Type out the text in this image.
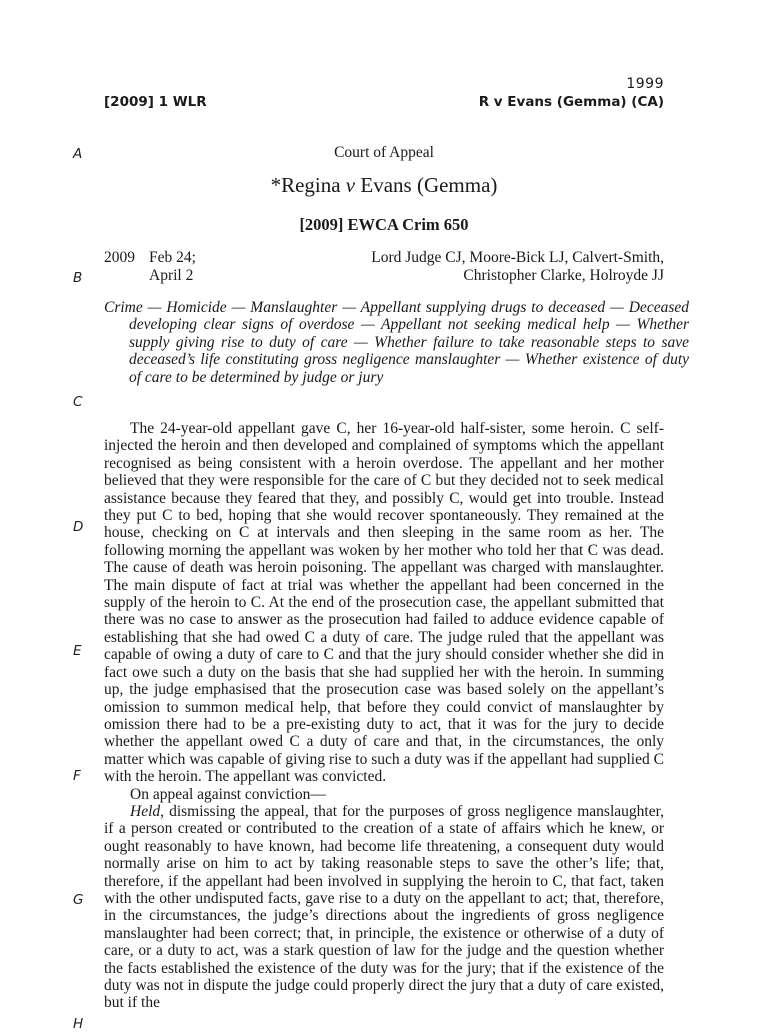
1999
[2009] 1 WLR	R v Evans (Gemma) (CA)
A
B
C
D
E
F
G
H
Court of Appeal
*Regina v Evans (Gemma)
[2009] EWCA Crim 650
2009 Feb 24;
April 2
Lord Judge CJ, Moore-Bick LJ, Calvert-Smith,
Christopher Clarke, Holroyde JJ

Crime — Homicide — Manslaughter — Appellant supplying drugs to deceased — Deceased developing clear signs of overdose — Appellant not seeking medical help — Whether supply giving rise to duty of care — Whether failure to take reasonable steps to save deceased’s life constituting gross negligence manslaughter — Whether existence of duty of care to be determined by judge or jury

The 24-year-old appellant gave C, her 16-year-old half-sister, some heroin. C self-injected the heroin and then developed and complained of symptoms which the appellant recognised as being consistent with a heroin overdose. The appellant and her mother believed that they were responsible for the care of C but they decided not to seek medical assistance because they feared that they, and possibly C, would get into trouble. Instead they put C to bed, hoping that she would recover spontaneously. They remained at the house, checking on C at intervals and then sleeping in the same room as her. The following morning the appellant was woken by her mother who told her that C was dead. The cause of death was heroin poisoning. The appellant was charged with manslaughter. The main dispute of fact at trial was whether the appellant had been concerned in the supply of the heroin to C. At the end of the prosecution case, the appellant submitted that there was no case to answer as the prosecution had failed to adduce evidence capable of establishing that she had owed C a duty of care. The judge ruled that the appellant was capable of owing a duty of care to C and that the jury should consider whether she did in fact owe such a duty on the basis that she had supplied her with the heroin. In summing up, the judge emphasised that the prosecution case was based solely on the appellant’s omission to summon medical help, that before they could convict of manslaughter by omission there had to be a pre-existing duty to act, that it was for the jury to decide whether the appellant owed C a duty of care and that, in the circumstances, the only matter which was capable of giving rise to such a duty was if the appellant had supplied C with the heroin. The appellant was convicted.

On appeal against conviction—

Held, dismissing the appeal, that for the purposes of gross negligence manslaughter, if a person created or contributed to the creation of a state of affairs which he knew, or ought reasonably to have known, had become life threatening, a consequent duty would normally arise on him to act by taking reasonable steps to save the other’s life; that, therefore, if the appellant had been involved in supplying the heroin to C, that fact, taken with the other undisputed facts, gave rise to a duty on the appellant to act; that, therefore, in the circumstances, the judge’s directions about the ingredients of gross negligence manslaughter had been correct; that, in principle, the existence or otherwise of a duty of care, or a duty to act, was a stark question of law for the judge and the question whether the facts established the existence of the duty was for the jury; that if the existence of the duty was not in dispute the judge could properly direct the jury that a duty of care existed, but if the
